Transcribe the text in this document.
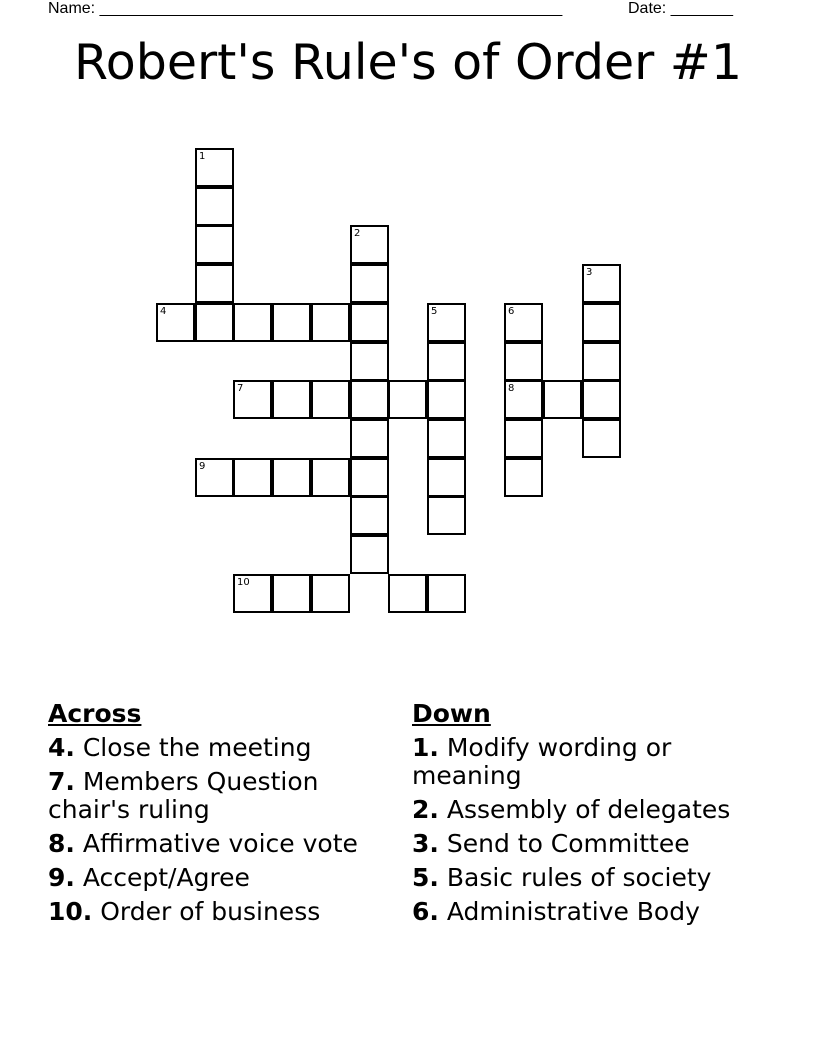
Name: ____________________________________________________	Date: _______
Robert's Rule's of Order #1
1
2
3
4	5	6
8
7
9
10
Across
4. Close the meeting
7. Members Question chair's ruling
8. Affirmative voice vote
9. Accept/Agree
10. Order of business
Down
1. Modify wording or meaning
2. Assembly of delegates
3. Send to Committee
5. Basic rules of society
6. Administrative Body
